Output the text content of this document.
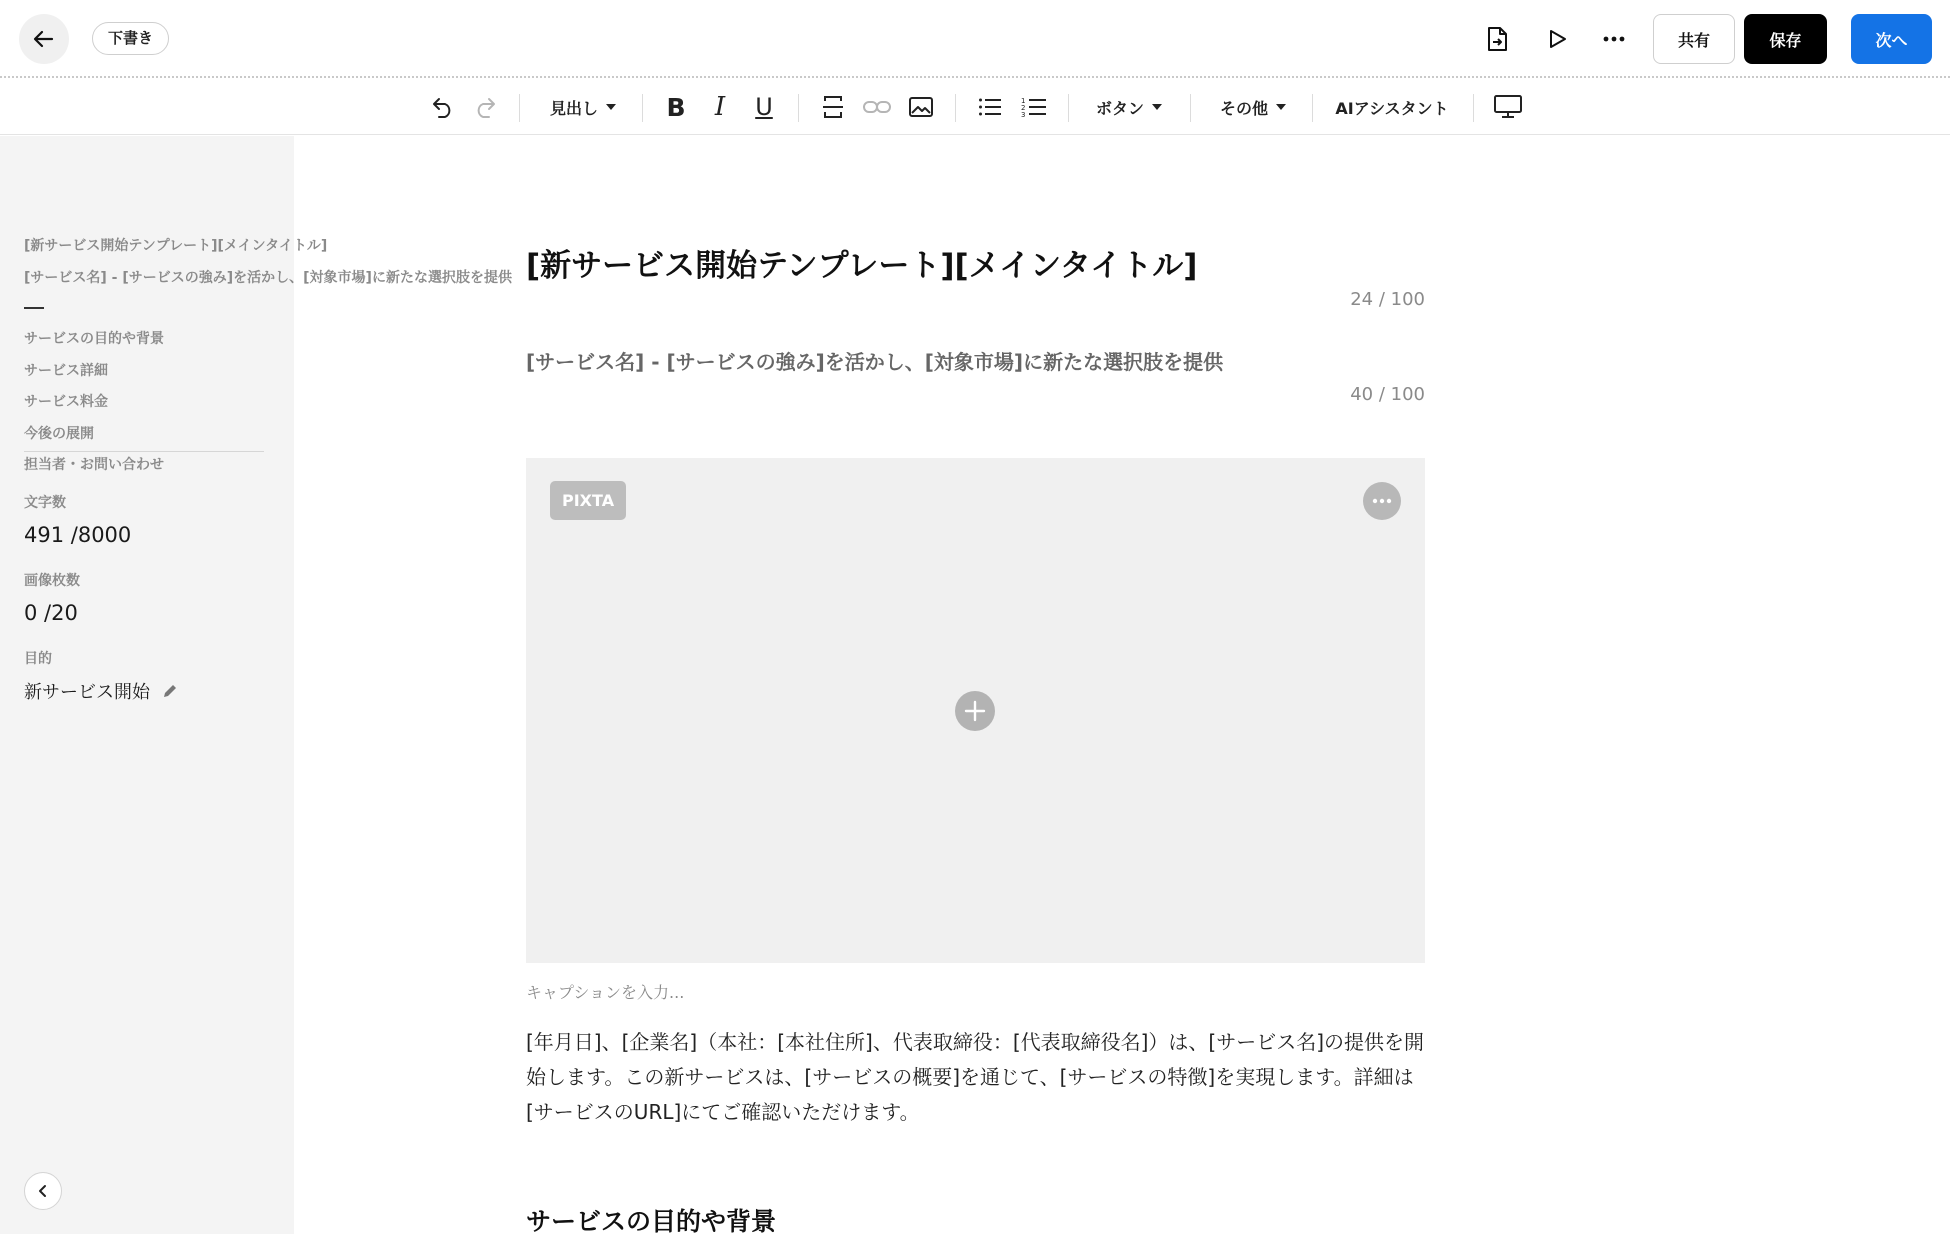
下書き	共有	保存	次へ
見出し	B I U	1
2
3	ボタン	その他	AIアシスタント
[新サービス開始テンプレート][メインタイトル]
[サービス名] - [サービスの強み]を活かし、[対象市場]に新たな選択肢を提供
サービスの目的や背景
サービス詳細
サービス料金
今後の展開
担当者・お問い合わせ
文字数
491 /8000
画像枚数
0 /20
目的
新サービス開始
[新サービス開始テンプレート][メインタイトル]
24 / 100
[サービス名] - [サービスの強み]を活かし、[対象市場]に新たな選択肢を提供
40 / 100
PIXTA
キャプションを入力...
[年月日]、[企業名]（本社：[本社住所]、代表取締役：[代表取締役名]）は、[サービス名]の提供を開始します。この新サービスは、[サービスの概要]を通じて、[サービスの特徴]を実現します。詳細は[サービスのURL]にてご確認いただけます。
サービスの目的や背景
